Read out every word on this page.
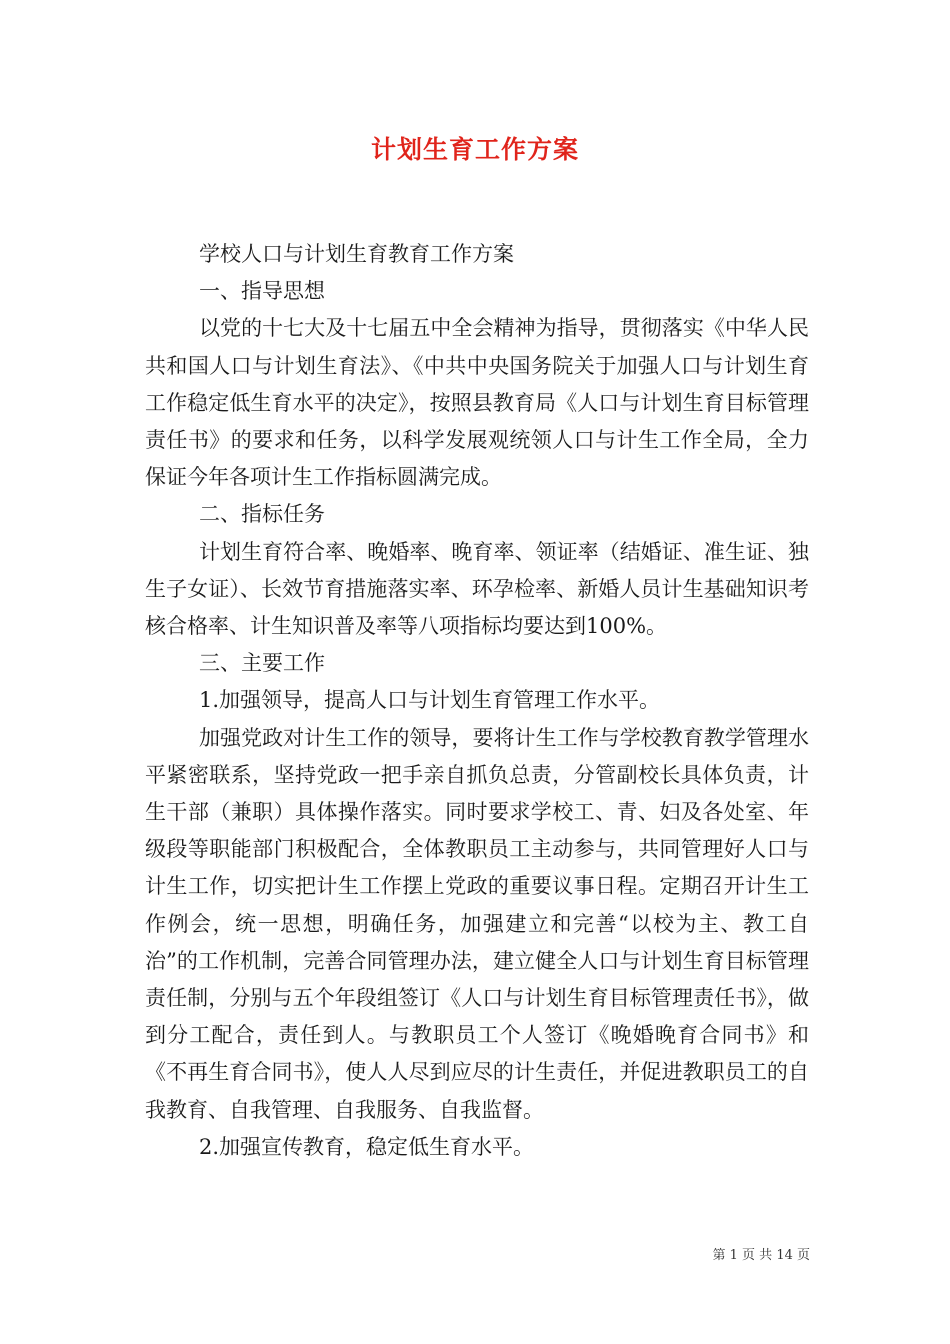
计划生育工作方案

学校人口与计划生育教育工作方案

一、指导思想

以党的十七大及十七届五中全会精神为指导，贯彻落实《中华人民共和国人口与计划生育法》、《中共中央国务院关于加强人口与计划生育工作稳定低生育水平的决定》，按照县教育局《人口与计划生育目标管理责任书》的要求和任务，以科学发展观统领人口与计生工作全局，全力保证今年各项计生工作指标圆满完成。

二、指标任务

计划生育符合率、晚婚率、晚育率、领证率（结婚证、准生证、独生子女证）、长效节育措施落实率、环孕检率、新婚人员计生基础知识考核合格率、计生知识普及率等八项指标均要达到100%。

三、主要工作

1.加强领导，提高人口与计划生育管理工作水平。

加强党政对计生工作的领导，要将计生工作与学校教育教学管理水平紧密联系，坚持党政一把手亲自抓负总责，分管副校长具体负责，计生干部（兼职）具体操作落实。同时要求学校工、青、妇及各处室、年级段等职能部门积极配合，全体教职员工主动参与，共同管理好人口与计生工作，切实把计生工作摆上党政的重要议事日程。定期召开计生工作例会，统一思想，明确任务，加强建立和完善“以校为主、教工自治”的工作机制，完善合同管理办法，建立健全人口与计划生育目标管理责任制，分别与五个年段组签订《人口与计划生育目标管理责任书》，做到分工配合，责任到人。与教职员工个人签订《晚婚晚育合同书》和《不再生育合同书》，使人人尽到应尽的计生责任，并促进教职员工的自我教育、自我管理、自我服务、自我监督。

2.加强宣传教育，稳定低生育水平。

第 1 页 共 14 页
